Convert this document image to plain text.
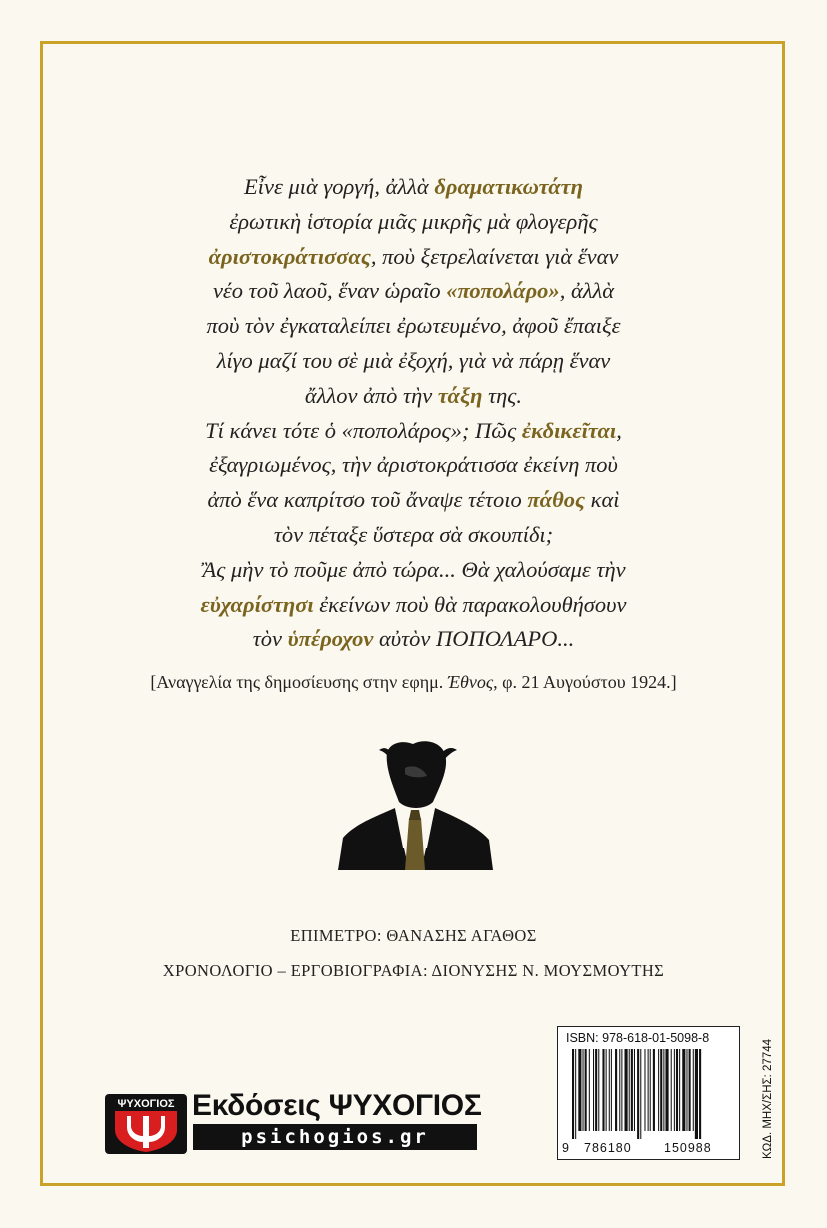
Εἶνε μιὰ γοργή, ἀλλὰ δραματικωτάτη
ἐρωτικὴ ἱστορία μιᾶς μικρῆς μὰ φλογερῆς
ἀριστοκράτισσας, ποὺ ξετρελαίνεται γιὰ ἕναν
νέο τοῦ λαοῦ, ἕναν ὡραῖο «ποπολάρο», ἀλλὰ
ποὺ τὸν ἐγκαταλείπει ἐρωτευμένο, ἀφοῦ ἔπαιξε
λίγο μαζί του σὲ μιὰ ἐξοχή, γιὰ νὰ πάρῃ ἕναν
ἄλλον ἀπὸ τὴν τάξη της.
Τί κάνει τότε ὁ «ποπολάρος»; Πῶς ἐκδικεῖται,
ἐξαγριωμένος, τὴν ἀριστοκράτισσα ἐκείνη ποὺ
ἀπὸ ἕνα καπρίτσο τοῦ ἄναψε τέτοιο πάθος καὶ
τὸν πέταξε ὕστερα σὰ σκουπίδι;
Ἂς μὴν τὸ ποῦμε ἀπὸ τώρα... Θὰ χαλούσαμε τὴν
εὐχαρίστησι ἐκείνων ποὺ θὰ παρακολουθήσουν
τὸν ὑπέροχον αὐτὸν ΠΟΠΟΛΑΡΟ...
[Αναγγελία της δημοσίευσης στην εφημ. Έθνος, φ. 21 Αυγούστου 1924.]
ΕΠΙΜΕΤΡΟ: ΘΑΝΑΣΗΣ ΑΓΑΘΟΣ
ΧΡΟΝΟΛΟΓΙΟ – ΕΡΓΟΒΙΟΓΡΑΦΙΑ: ΔΙΟΝΥΣΗΣ Ν. ΜΟΥΣΜΟΥΤΗΣ
ΨΥΧΟΓΙΟΣ Εκδόσεις ΨΥΧΟΓΙΟΣ
psichogios.gr
ISBN: 978-618-01-5098-8
9 786180	150988	ΚΩΔ. ΜΗΧ/ΣΗΣ: 27744
